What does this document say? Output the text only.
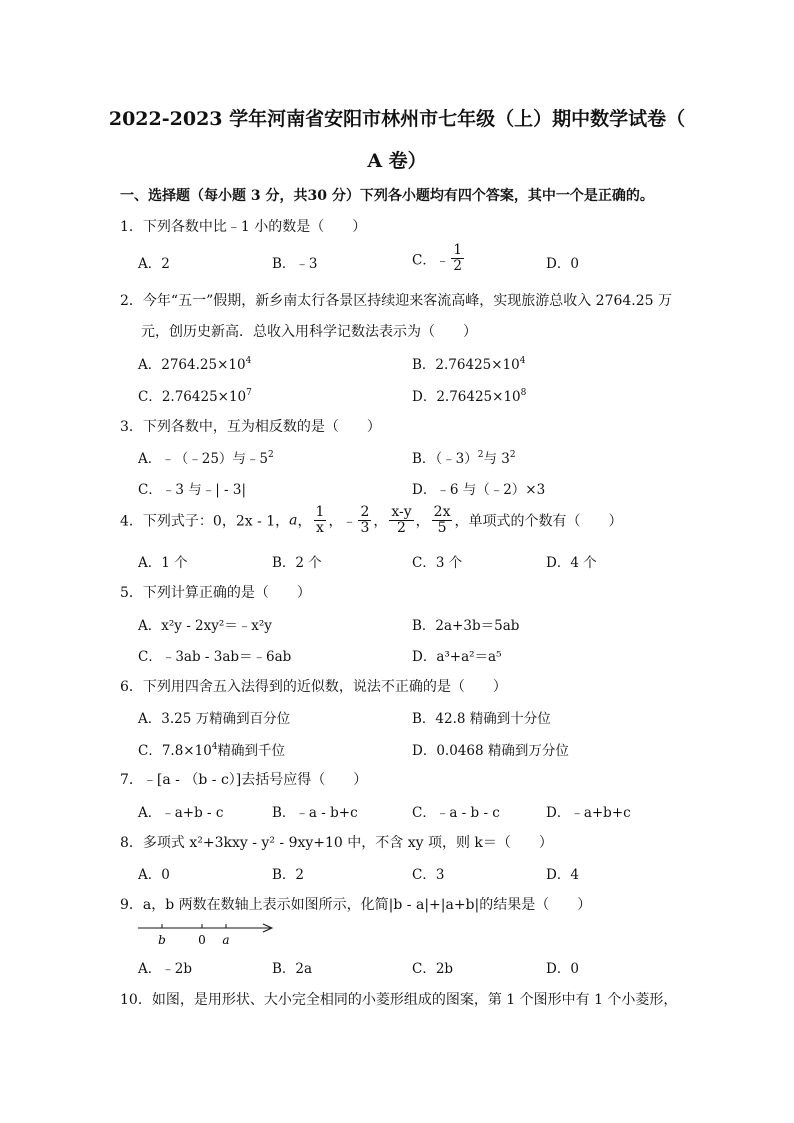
2022-2023 学年河南省安阳市林州市七年级（上）期中数学试卷（
A 卷）
一、选择题（每小题 3 分，共30 分）下列各小题均有四个答案，其中一个是正确的。
1．下列各数中比﹣1 小的数是（　　）
A．2	B．﹣3	C．﹣ $\frac{1}{2}$	D．0
2．今年“五一”假期，新乡南太行各景区持续迎来客流高峰，实现旅游总收入 2764.25 万
元，创历史新高．总收入用科学记数法表示为（　　）
A．$2764.25\times 10^4$	B．$2.76425\times 10^4$
C．$2.76425\times 10^7$	D．$2.76425\times 10^8$
3．下列各数中，互为相反数的是（　　）
A．﹣（﹣25）与$﹣5^2$	B．（﹣3）$^2$与 $3^2$
C．﹣3 与﹣| - 3|	D．﹣6 与（﹣2）×3
4．下列式子：0，2x - 1，a， $\frac{1}{x}$ ，﹣ $\frac{2}{3}$ ， $\frac{x-y}{2}$ ， $\frac{2x}{5}$ ，单项式的个数有（　　）
A．1 个	B．2 个	C．3 个	D．4 个
5．下列计算正确的是（　　）
A．x²y - 2xy²＝﹣x²y	B．2a+3b＝5ab
C．﹣3ab - 3ab＝﹣6ab	D．a³+a²＝a⁵
6．下列用四舍五入法得到的近似数，说法不正确的是（　　）
A．3.25 万精确到百分位	B．42.8 精确到十分位
C．$7.8\times 10^4$精确到千位	D．0.0468 精确到万分位
7．﹣[a - （b - c）]去括号应得（　　）
A．﹣a+b - c	B．﹣a - b+c	C．﹣a - b - c	D．﹣a+b+c
8．多项式 x²+3kxy - y² - 9xy+10 中，不含 xy 项，则 k＝（　　）
A．0	B．2	C．3	D．4
9．a，b 两数在数轴上表示如图所示，化简|b - a|+|a+b|的结果是（　　）
b	0 a
A．﹣2b	B．2a	C．2b	D．0
10．如图，是用形状、大小完全相同的小菱形组成的图案，第 1 个图形中有 1 个小菱形，
